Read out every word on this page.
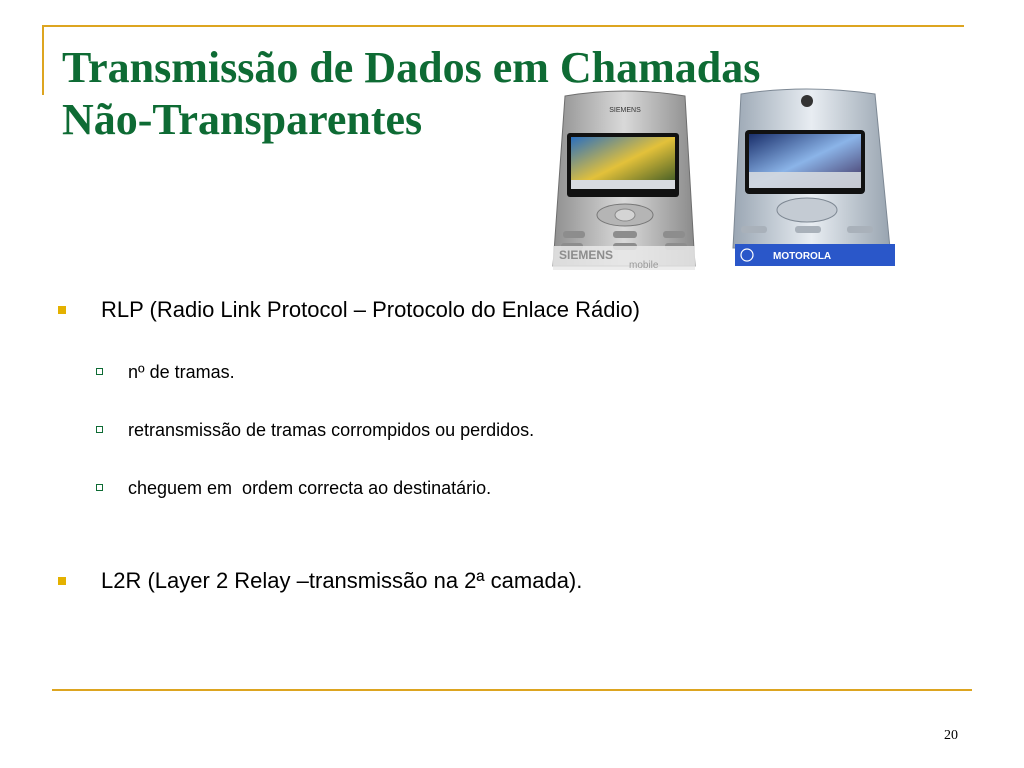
Transmissão de Dados em Chamadas
Não-Transparentes	SIEMENS
SIEMENS
mobile
MOTOROLA
RLP (Radio Link Protocol – Protocolo do Enlace Rádio)
nº de tramas.
retransmissão de tramas corrompidos ou perdidos.
cheguem em  ordem correcta ao destinatário.
L2R (Layer 2 Relay –transmissão na 2ª camada).
20
